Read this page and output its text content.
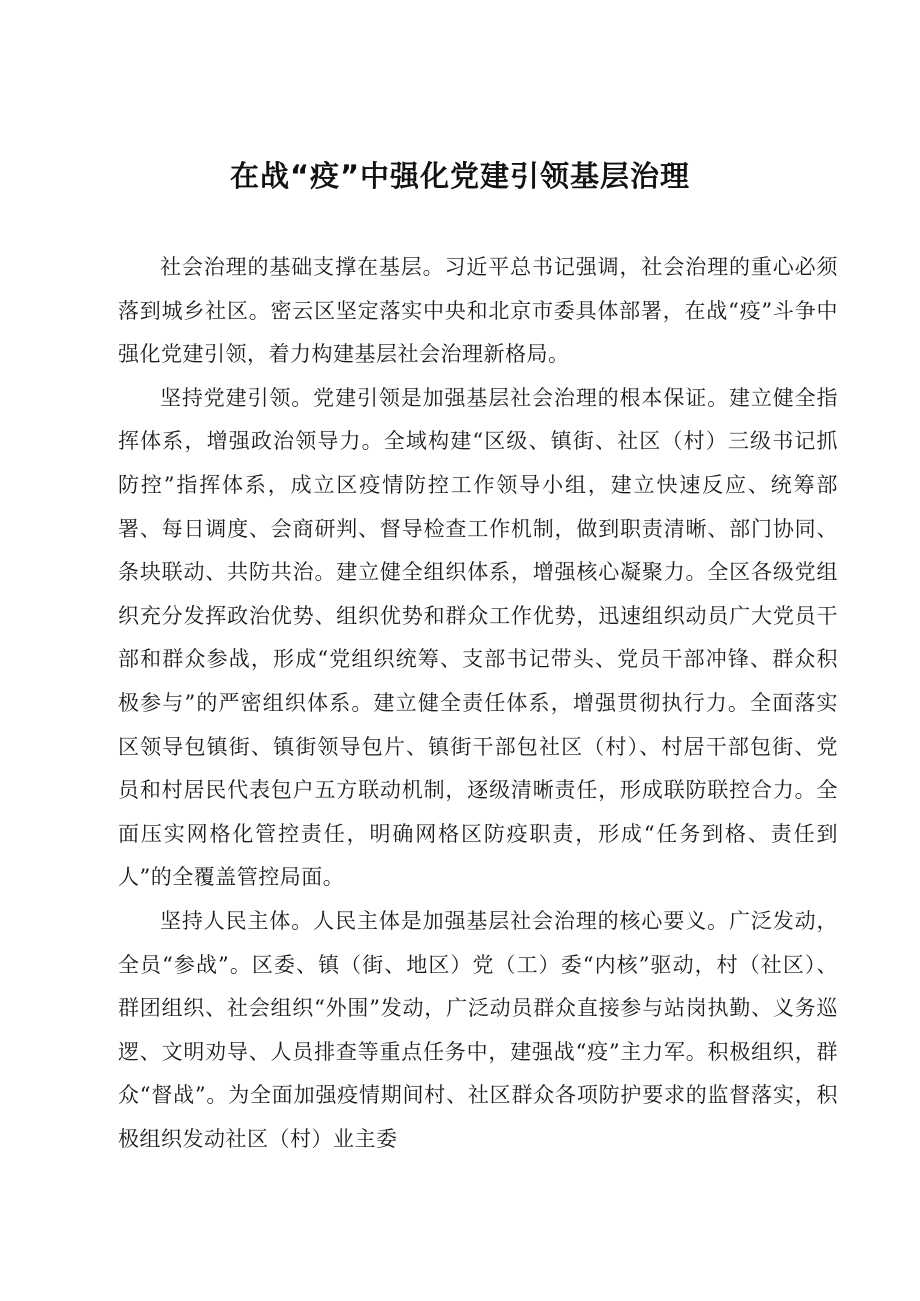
在战“疫”中强化党建引领基层治理

社会治理的基础支撑在基层。习近平总书记强调，社会治理的重心必须落到城乡社区。密云区坚定落实中央和北京市委具体部署，在战“疫”斗争中强化党建引领，着力构建基层社会治理新格局。

坚持党建引领。党建引领是加强基层社会治理的根本保证。建立健全指挥体系，增强政治领导力。全域构建“区级、镇街、社区（村）三级书记抓防控”指挥体系，成立区疫情防控工作领导小组，建立快速反应、统筹部署、每日调度、会商研判、督导检查工作机制，做到职责清晰、部门协同、条块联动、共防共治。建立健全组织体系，增强核心凝聚力。全区各级党组织充分发挥政治优势、组织优势和群众工作优势，迅速组织动员广大党员干部和群众参战，形成“党组织统筹、支部书记带头、党员干部冲锋、群众积极参与”的严密组织体系。建立健全责任体系，增强贯彻执行力。全面落实区领导包镇街、镇街领导包片、镇街干部包社区（村）、村居干部包街、党员和村居民代表包户五方联动机制，逐级清晰责任，形成联防联控合力。全面压实网格化管控责任，明确网格区防疫职责，形成“任务到格、责任到人”的全覆盖管控局面。

坚持人民主体。人民主体是加强基层社会治理的核心要义。广泛发动，全员“参战”。区委、镇（街、地区）党（工）委“内核”驱动，村（社区）、群团组织、社会组织“外围”发动，广泛动员群众直接参与站岗执勤、义务巡逻、文明劝导、人员排查等重点任务中，建强战“疫”主力军。积极组织，群众“督战”。为全面加强疫情期间村、社区群众各项防护要求的监督落实，积极组织发动社区（村）业主委
